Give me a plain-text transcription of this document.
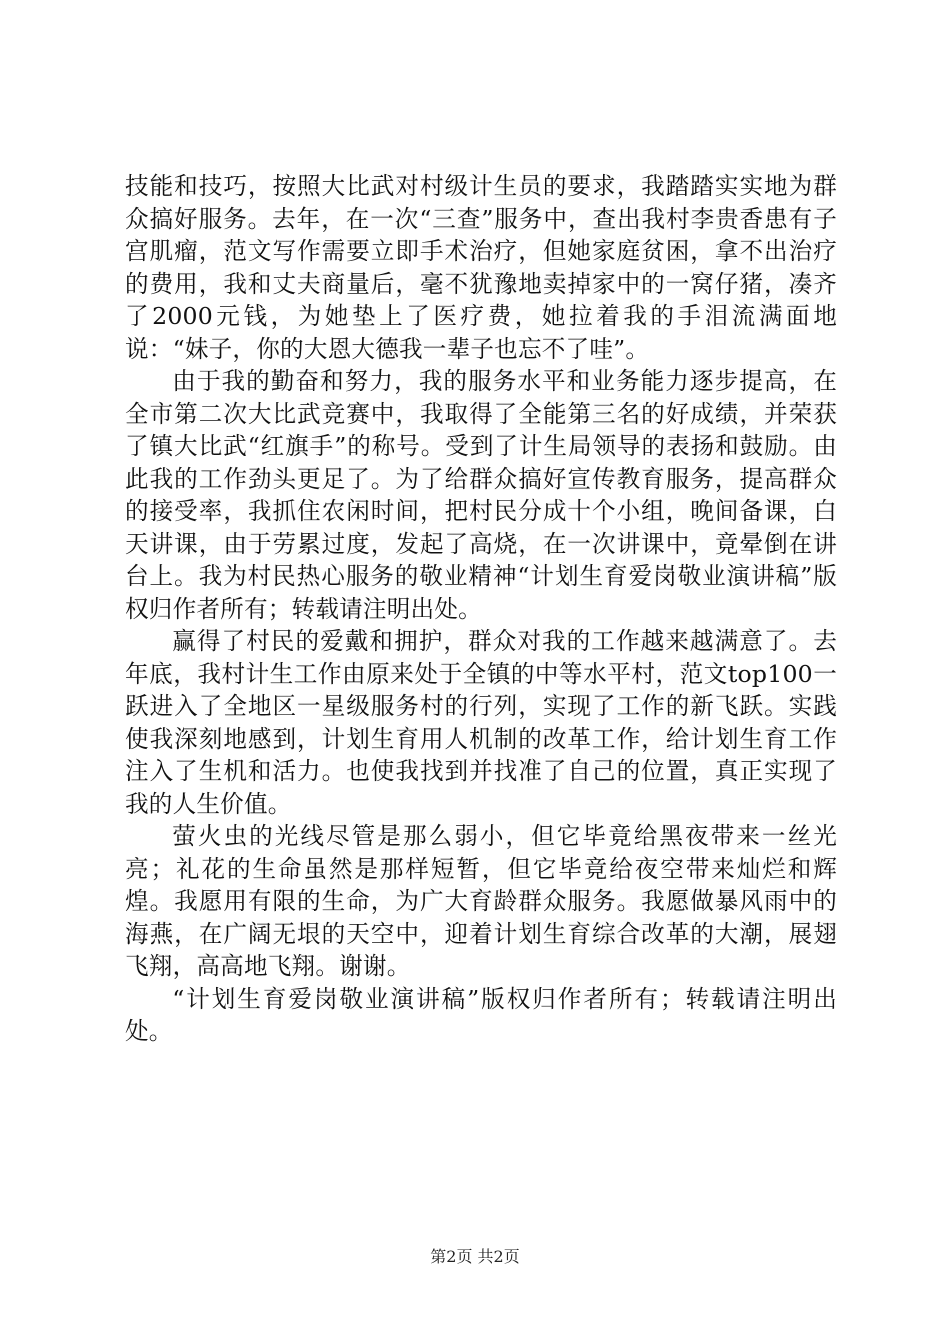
技能和技巧，按照大比武对村级计生员的要求，我踏踏实实地为群众搞好服务。去年，在一次“三查”服务中，查出我村李贵香患有子宫肌瘤，范文写作需要立即手术治疗，但她家庭贫困，拿不出治疗的费用，我和丈夫商量后，毫不犹豫地卖掉家中的一窝仔猪，凑齐了2000元钱，为她垫上了医疗费，她拉着我的手泪流满面地说：“妹子，你的大恩大德我一辈子也忘不了哇”。

由于我的勤奋和努力，我的服务水平和业务能力逐步提高，在全市第二次大比武竞赛中，我取得了全能第三名的好成绩，并荣获了镇大比武“红旗手”的称号。受到了计生局领导的表扬和鼓励。由此我的工作劲头更足了。为了给群众搞好宣传教育服务，提高群众的接受率，我抓住农闲时间，把村民分成十个小组，晚间备课，白天讲课，由于劳累过度，发起了高烧，在一次讲课中，竟晕倒在讲台上。我为村民热心服务的敬业精神“计划生育爱岗敬业演讲稿”版权归作者所有；转载请注明出处。

赢得了村民的爱戴和拥护，群众对我的工作越来越满意了。去年底，我村计生工作由原来处于全镇的中等水平村，范文top100一跃进入了全地区一星级服务村的行列，实现了工作的新飞跃。实践使我深刻地感到，计划生育用人机制的改革工作，给计划生育工作注入了生机和活力。也使我找到并找准了自己的位置，真正实现了我的人生价值。

萤火虫的光线尽管是那么弱小，但它毕竟给黑夜带来一丝光亮；礼花的生命虽然是那样短暂，但它毕竟给夜空带来灿烂和辉煌。我愿用有限的生命，为广大育龄群众服务。我愿做暴风雨中的海燕，在广阔无垠的天空中，迎着计划生育综合改革的大潮，展翅飞翔，高高地飞翔。谢谢。

“计划生育爱岗敬业演讲稿”版权归作者所有；转载请注明出处。

第2页 共2页
